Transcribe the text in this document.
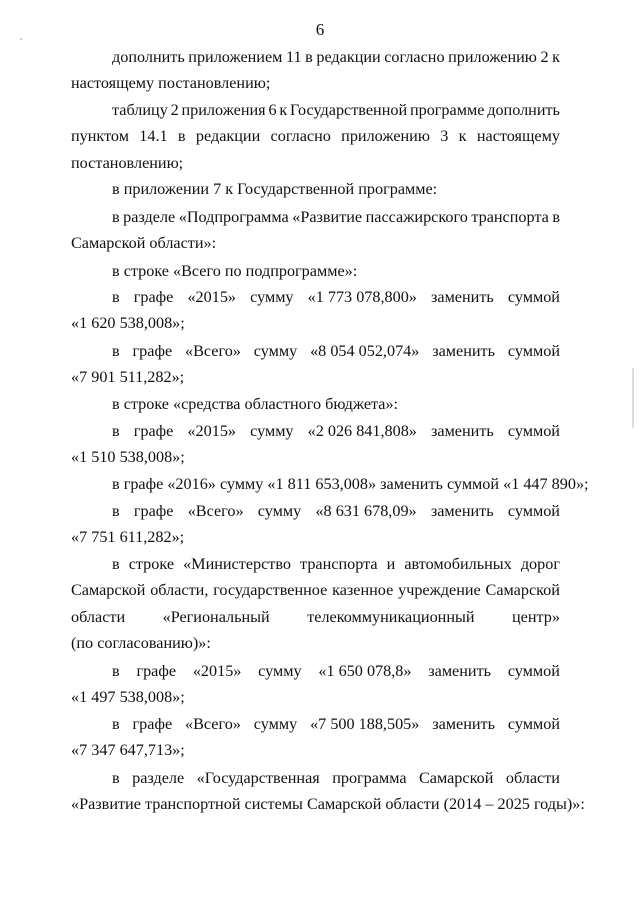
6
дополнить приложением 11 в редакции согласно приложению 2 к
настоящему постановлению;
таблицу 2 приложения 6 к Государственной программе дополнить
пунктом 14.1 в редакции согласно приложению 3 к настоящему
постановлению;
в приложении 7 к Государственной программе:
в разделе «Подпрограмма «Развитие пассажирского транспорта в
Самарской области»:
в строке «Всего по подпрограмме»:
в графе «2015» сумму «1 773 078,800» заменить суммой
«1 620 538,008»;
в графе «Всего» сумму «8 054 052,074» заменить суммой
«7 901 511,282»;
в строке «средства областного бюджета»:
в графе «2015» сумму «2 026 841,808» заменить суммой
«1 510 538,008»;
в графе «2016» сумму «1 811 653,008» заменить суммой «1 447 890»;
в графе «Всего» сумму «8 631 678,09» заменить суммой
«7 751 611,282»;
в строке «Министерство транспорта и автомобильных дорог
Самарской области, государственное казенное учреждение Самарской
области «Региональный телекоммуникационный центр»
(по согласованию)»:
в графе «2015» сумму «1 650 078,8» заменить суммой
«1 497 538,008»;
в графе «Всего» сумму «7 500 188,505» заменить суммой
«7 347 647,713»;
в разделе «Государственная программа Самарской области
«Развитие транспортной системы Самарской области (2014 – 2025 годы)»:
